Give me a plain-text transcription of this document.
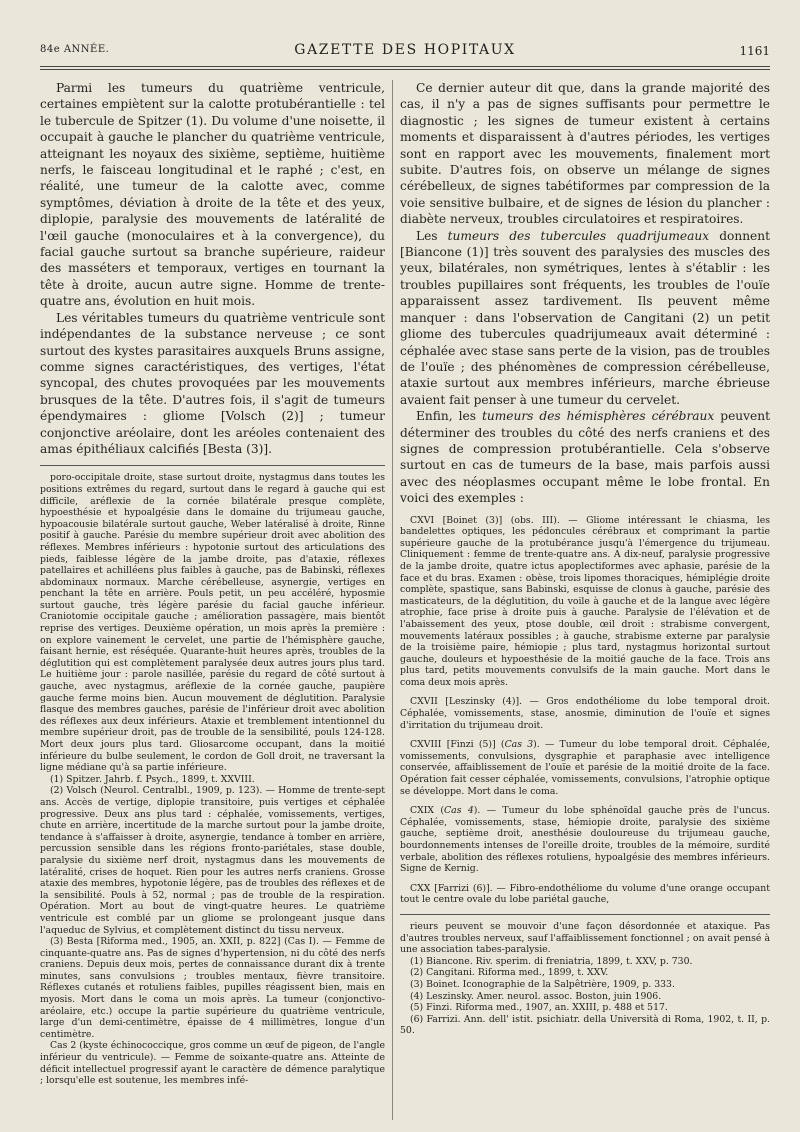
84e ANNÉE.	GAZETTE DES HOPITAUX	1161

Parmi les tumeurs du quatrième ventricule, certaines empiètent sur la calotte protubérantielle : tel le tubercule de Spitzer (1). Du volume d'une noisette, il occupait à gauche le plancher du quatrième ventricule, atteignant les noyaux des sixième, septième, huitième nerfs, le faisceau longitudinal et le raphé ; c'est, en réalité, une tumeur de la calotte avec, comme symptômes, déviation à droite de la tête et des yeux, diplopie, paralysie des mouvements de latéralité de l'œil gauche (monoculaires et à la convergence), du facial gauche surtout sa branche supérieure, raideur des masséters et temporaux, vertiges en tournant la tête à droite, aucun autre signe. Homme de trente-quatre ans, évolution en huit mois.

Les véritables tumeurs du quatrième ventricule sont indépendantes de la substance nerveuse ; ce sont surtout des kystes parasitaires auxquels Bruns assigne, comme signes caractéristiques, des vertiges, l'état syncopal, des chutes provoquées par les mouvements brusques de la tête. D'autres fois, il s'agit de tumeurs épendymaires : gliome [Volsch (2)] ; tumeur conjonctive aréolaire, dont les aréoles contenaient des amas épithéliaux calcifiés [Besta (3)].

poro-occipitale droite, stase surtout droite, nystagmus dans toutes les positions extrêmes du regard, surtout dans le regard à gauche qui est difficile, aréflexie de la cornée bilatérale presque complète, hypoesthésie et hypoalgésie dans le domaine du trijumeau gauche, hypoacousie bilatérale surtout gauche, Weber latéralisé à droite, Rinne positif à gauche. Parésie du membre supérieur droit avec abolition des réflexes. Membres inférieurs : hypotonie surtout des articulations des pieds, faiblesse légère de la jambe droite, pas d'ataxie, réflexes patellaires et achilléens plus faibles à gauche, pas de Babinski, réflexes abdominaux normaux. Marche cérébelleuse, asynergie, vertiges en penchant la tête en arrière. Pouls petit, un peu accéléré, hyposmie surtout gauche, très légère parésie du facial gauche inférieur. Craniotomie occipitale gauche ; amélioration passagère, mais bientôt reprise des vertiges. Deuxième opération, un mois après la première : on explore vainement le cervelet, une partie de l'hémisphère gauche, faisant hernie, est réséquée. Quarante-huit heures après, troubles de la déglutition qui est complètement paralysée deux autres jours plus tard. Le huitième jour : parole nasillée, parésie du regard de côté surtout à gauche, avec nystagmus, aréflexie de la cornée gauche, paupière gauche ferme moins bien. Aucun mouvement de déglutition. Paralysie flasque des membres gauches, parésie de l'inférieur droit avec abolition des réflexes aux deux inférieurs. Ataxie et tremblement intentionnel du membre supérieur droit, pas de trouble de la sensibilité, pouls 124-128. Mort deux jours plus tard. Gliosarcome occupant, dans la moitié inférieure du bulbe seulement, le cordon de Goll droit, ne traversant la ligne médiane qu'à sa partie inférieure.

(1) Spitzer. Jahrb. f. Psych., 1899, t. XXVIII.

(2) Volsch (Neurol. Centralbl., 1909, p. 123). — Homme de trente-sept ans. Accès de vertige, diplopie transitoire, puis vertiges et céphalée progressive. Deux ans plus tard : céphalée, vomissements, vertiges, chute en arrière, incertitude de la marche surtout pour la jambe droite, tendance à s'affaisser à droite, asynergie, tendance à tomber en arrière, percussion sensible dans les régions fronto-pariétales, stase double, paralysie du sixième nerf droit, nystagmus dans les mouvements de latéralité, crises de hoquet. Rien pour les autres nerfs craniens. Grosse ataxie des membres, hypotonie légère, pas de troubles des réflexes et de la sensibilité. Pouls à 52, normal ; pas de trouble de la respiration. Opération. Mort au bout de vingt-quatre heures. Le quatrième ventricule est comblé par un gliome se prolongeant jusque dans l'aqueduc de Sylvius, et complètement distinct du tissu nerveux.

(3) Besta [Riforma med., 1905, an. XXII, p. 822] (Cas I). — Femme de cinquante-quatre ans. Pas de signes d'hypertension, ni du côté des nerfs craniens. Depuis deux mois, pertes de connaissance durant dix à trente minutes, sans convulsions ; troubles mentaux, fièvre transitoire. Réflexes cutanés et rotuliens faibles, pupilles réagissent bien, mais en myosis. Mort dans le coma un mois après. La tumeur (conjonctivo-aréolaire, etc.) occupe la partie supérieure du quatrième ventricule, large d'un demi-centimètre, épaisse de 4 millimètres, longue d'un centimètre.

Cas 2 (kyste échinococcique, gros comme un œuf de pigeon, de l'angle inférieur du ventricule). — Femme de soixante-quatre ans. Atteinte de déficit intellectuel progressif ayant le caractère de démence paralytique ; lorsqu'elle est soutenue, les membres infé-

Ce dernier auteur dit que, dans la grande majorité des cas, il n'y a pas de signes suffisants pour permettre le diagnostic ; les signes de tumeur existent à certains moments et disparaissent à d'autres périodes, les vertiges sont en rapport avec les mouvements, finalement mort subite. D'autres fois, on observe un mélange de signes cérébelleux, de signes tabétiformes par compression de la voie sensitive bulbaire, et de signes de lésion du plancher : diabète nerveux, troubles circulatoires et respiratoires.

Les tumeurs des tubercules quadrijumeaux donnent [Biancone (1)] très souvent des paralysies des muscles des yeux, bilatérales, non symétriques, lentes à s'établir : les troubles pupillaires sont fréquents, les troubles de l'ouïe apparaissent assez tardivement. Ils peuvent même manquer : dans l'observation de Cangitani (2) un petit gliome des tubercules quadrijumeaux avait déterminé : céphalée avec stase sans perte de la vision, pas de troubles de l'ouïe ; des phénomènes de compression cérébelleuse, ataxie surtout aux membres inférieurs, marche ébrieuse avaient fait penser à une tumeur du cervelet.

Enfin, les tumeurs des hémisphères cérébraux peuvent déterminer des troubles du côté des nerfs craniens et des signes de compression protubérantielle. Cela s'observe surtout en cas de tumeurs de la base, mais parfois aussi avec des néoplasmes occupant même le lobe frontal. En voici des exemples :

CXVI [Boinet (3)] (obs. III). — Gliome intéressant le chiasma, les bandelettes optiques, les pédoncules cérébraux et comprimant la partie supérieure gauche de la protubérance jusqu'à l'émergence du trijumeau. Cliniquement : femme de trente-quatre ans. A dix-neuf, paralysie progressive de la jambe droite, quatre ictus apoplectiformes avec aphasie, parésie de la face et du bras. Examen : obèse, trois lipomes thoraciques, hémiplégie droite complète, spastique, sans Babinski, esquisse de clonus à gauche, parésie des masticateurs, de la déglutition, du voile à gauche et de la langue avec légère atrophie, face prise à droite puis à gauche. Paralysie de l'élévation et de l'abaissement des yeux, ptose double, œil droit : strabisme convergent, mouvements latéraux possibles ; à gauche, strabisme externe par paralysie de la troisième paire, hémiopie ; plus tard, nystagmus horizontal surtout gauche, douleurs et hypoesthésie de la moitié gauche de la face. Trois ans plus tard, petits mouvements convulsifs de la main gauche. Mort dans le coma deux mois après.

CXVII [Leszinsky (4)]. — Gros endothéliome du lobe temporal droit. Céphalée, vomissements, stase, anosmie, diminution de l'ouïe et signes d'irritation du trijumeau droit.

CXVIII [Finzi (5)] (Cas 3). — Tumeur du lobe temporal droit. Céphalée, vomissements, convulsions, dysgraphie et paraphasie avec intelligence conservée, affaiblissement de l'ouïe et parésie de la moitié droite de la face. Opération fait cesser céphalée, vomissements, convulsions, l'atrophie optique se développe. Mort dans le coma.

CXIX (Cas 4). — Tumeur du lobe sphénoïdal gauche près de l'uncus. Céphalée, vomissements, stase, hémiopie droite, paralysie des sixième gauche, septième droit, anesthésie douloureuse du trijumeau gauche, bourdonnements intenses de l'oreille droite, troubles de la mémoire, surdité verbale, abolition des réflexes rotuliens, hypoalgésie des membres inférieurs. Signe de Kernig.

CXX [Farrizi (6)]. — Fibro-endothéliome du volume d'une orange occupant tout le centre ovale du lobe pariétal gauche,

rieurs peuvent se mouvoir d'une façon désordonnée et ataxique. Pas d'autres troubles nerveux, sauf l'affaiblissement fonctionnel ; on avait pensé à une association tabes-paralysie.

(1) Biancone. Riv. sperim. di freniatria, 1899, t. XXV, p. 730.

(2) Cangitani. Riforma med., 1899, t. XXV.

(3) Boinet. Iconographie de la Salpêtrière, 1909, p. 333.

(4) Leszinsky. Amer. neurol. assoc. Boston, juin 1906.

(5) Finzi. Riforma med., 1907, an. XXIII, p. 488 et 517.

(6) Farrizi. Ann. dell' istit. psichiatr. della Università di Roma, 1902, t. II, p. 50.
